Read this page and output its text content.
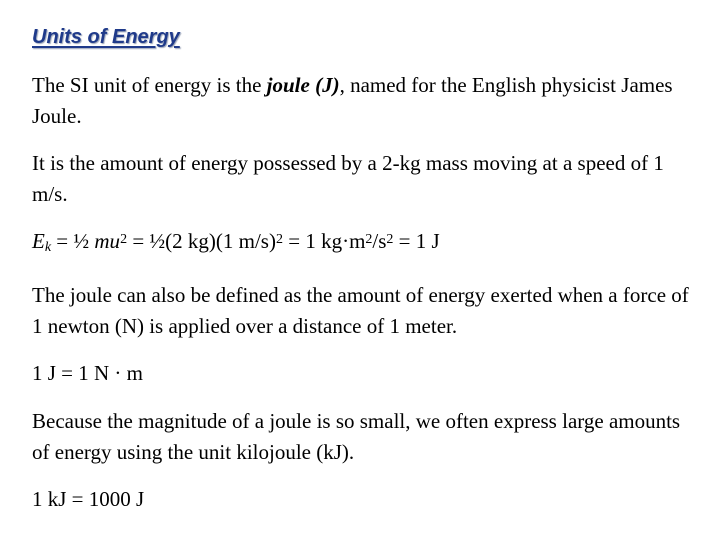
Units of Energy

The SI unit of energy is the joule (J), named for the English physicist James Joule.

It is the amount of energy possessed by a 2-kg mass moving at a speed of 1 m/s.

$E_k$ = ½ $mu^2$ = ½(2 kg)(1 m/s)$^2$ = 1 $kg\cdot m^2/s^2 = 1$ J

The joule can also be defined as the amount of energy exerted when a force of 1 newton (N) is applied over a distance of 1 meter.

1 J = 1 N · m

Because the magnitude of a joule is so small, we often express large amounts of energy using the unit kilojoule (kJ).

1 kJ = 1000 J
